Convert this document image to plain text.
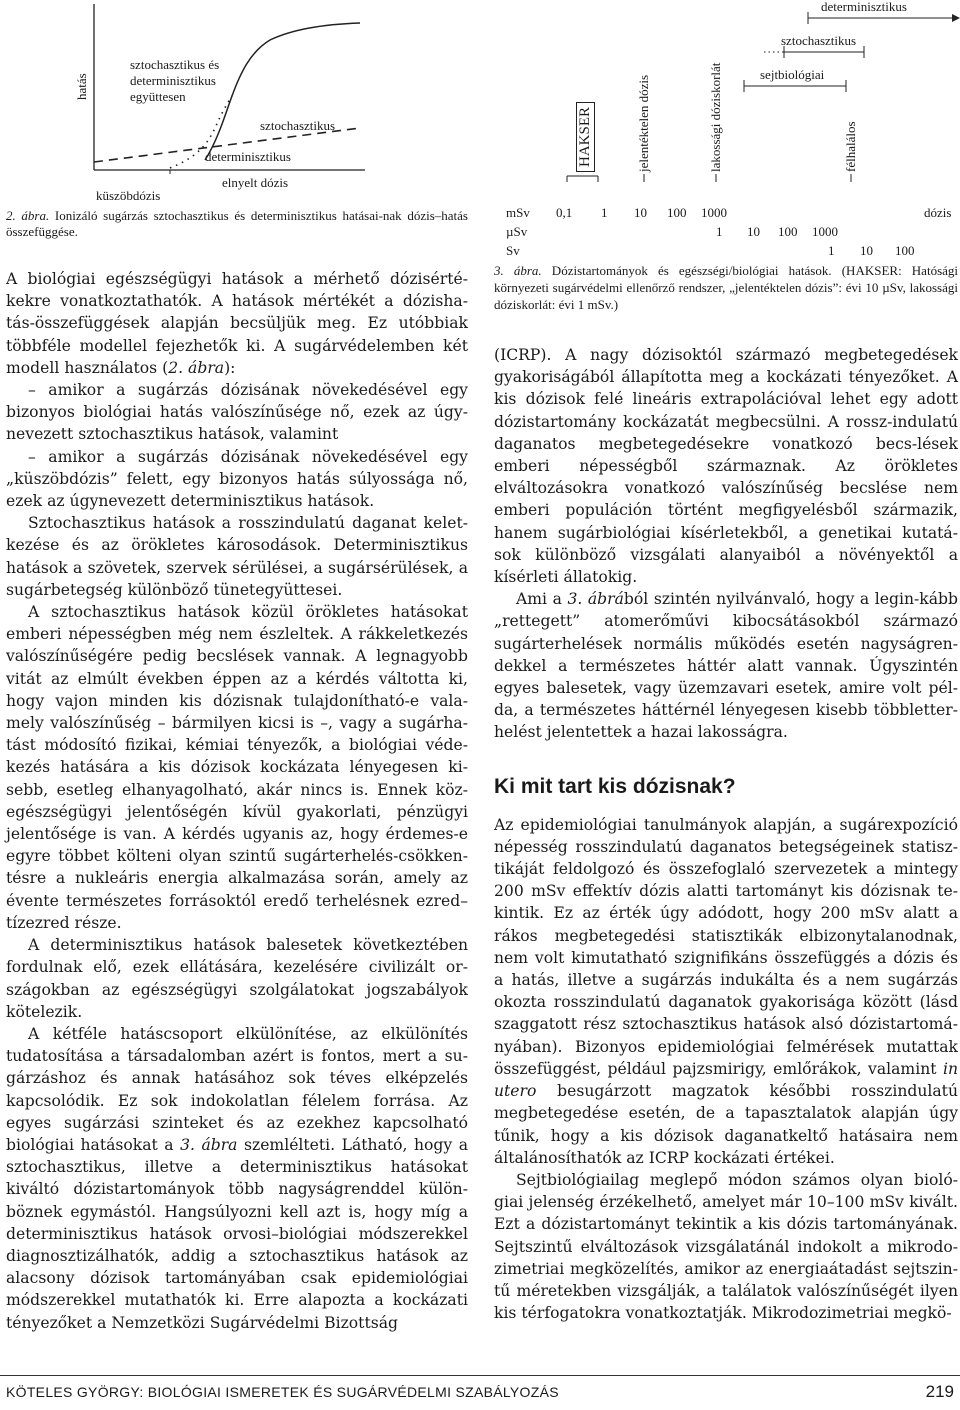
hatás
sztochasztikus és
determinisztikus
együttesen
sztochasztikus
determinisztikus
elnyelt dózis
küszöbdózis
2. ábra. Ionizáló sugárzás sztochasztikus és determinisztikus hatásai-nak dózis–hatás összefüggése.
determinisztikus
sztochasztikus
sejtbiológiai
HAKSER	jelentéktelen dózis	lakossági dóziskorlát	félhalálos
mSv 0,1 1 10 100 1000	dózis
µSv	1 10 100 1000
Sv	1 10 100
3. ábra. Dózistartományok és egészségi/biológiai hatások. (HAKSER: Hatósági környezeti sugárvédelmi ellenőrző rendszer, „jelentéktelen dózis”: évi 10 µSv, lakossági dóziskorlát: évi 1 mSv.)

A biológiai egészségügyi hatások a mérhető dózisérté-kekre vonatkoztathatók. A hatások mértékét a dózisha-tás-összefüggések alapján becsüljük meg. Ez utóbbiak többféle modellel fejezhetők ki. A sugárvédelemben két modell használatos (2. ábra):

– amikor a sugárzás dózisának növekedésével egy bizonyos biológiai hatás valószínűsége nő, ezek az úgy-nevezett sztochasztikus hatások, valamint

– amikor a sugárzás dózisának növekedésével egy „küszöbdózis” felett, egy bizonyos hatás súlyossága nő, ezek az úgynevezett determinisztikus hatások.

Sztochasztikus hatások a rosszindulatú daganat kelet-kezése és az örökletes károsodások. Determinisztikus hatások a szövetek, szervek sérülései, a sugársérülések, a sugárbetegség különböző tünetegyüttesei.

A sztochasztikus hatások közül örökletes hatásokat emberi népességben még nem észleltek. A rákkeletkezés valószínűségére pedig becslések vannak. A legnagyobb vitát az elmúlt években éppen az a kérdés váltotta ki, hogy vajon minden kis dózisnak tulajdonítható-e vala-mely valószínűség – bármilyen kicsi is –, vagy a sugárha-tást módosító fizikai, kémiai tényezők, a biológiai véde-kezés hatására a kis dózisok kockázata lényegesen ki-sebb, esetleg elhanyagolható, akár nincs is. Ennek köz-egészségügyi jelentőségén kívül gyakorlati, pénzügyi jelentősége is van. A kérdés ugyanis az, hogy érdemes-e egyre többet költeni olyan szintű sugárterhelés-csökken-tésre a nukleáris energia alkalmazása során, amely az évente természetes forrásoktól eredő terhelésnek ezred–tízezred része.

A determinisztikus hatások balesetek következtében fordulnak elő, ezek ellátására, kezelésére civilizált or-szágokban az egészségügyi szolgálatokat jogszabályok kötelezik.

A kétféle hatáscsoport elkülönítése, az elkülönítés tudatosítása a társadalomban azért is fontos, mert a su-gárzáshoz és annak hatásához sok téves elképzelés kapcsolódik. Ez sok indokolatlan félelem forrása. Az egyes sugárzási szinteket és az ezekhez kapcsolható biológiai hatásokat a 3. ábra szemlélteti. Látható, hogy a sztochasztikus, illetve a determinisztikus hatásokat kiváltó dózistartományok több nagyságrenddel külön-böznek egymástól. Hangsúlyozni kell azt is, hogy míg a determinisztikus hatások orvosi–biológiai módszerekkel diagnosztizálhatók, addig a sztochasztikus hatások az alacsony dózisok tartományában csak epidemiológiai módszerekkel mutathatók ki. Erre alapozta a kockázati tényezőket a Nemzetközi Sugárvédelmi Bizottság

(ICRP). A nagy dózisoktól származó megbetegedések gyakoriságából állapította meg a kockázati tényezőket. A kis dózisok felé lineáris extrapolációval lehet egy adott dózistartomány kockázatát megbecsülni. A rossz-indulatú daganatos megbetegedésekre vonatkozó becs-lések emberi népességből származnak. Az örökletes elváltozásokra vonatkozó valószínűség becslése nem emberi populáción történt megfigyelésből származik, hanem sugárbiológiai kísérletekből, a genetikai kutatá-sok különböző vizsgálati alanyaiból a növényektől a kísérleti állatokig.

Ami a 3. ábrából szintén nyilvánvaló, hogy a legin-kább „rettegett” atomerőművi kibocsátásokból származó sugárterhelések normális működés esetén nagyságren-dekkel a természetes háttér alatt vannak. Úgyszintén egyes balesetek, vagy üzemzavari esetek, amire volt pél-da, a természetes háttérnél lényegesen kisebb többletter-helést jelentettek a hazai lakosságra.

Ki mit tart kis dózisnak?

Az epidemiológiai tanulmányok alapján, a sugárexpozíció népesség rosszindulatú daganatos betegségeinek statisz-tikáját feldolgozó és összefoglaló szervezetek a mintegy 200 mSv effektív dózis alatti tartományt kis dózisnak te-kintik. Ez az érték úgy adódott, hogy 200 mSv alatt a rákos megbetegedési statisztikák elbizonytalanodnak, nem volt kimutatható szignifikáns összefüggés a dózis és a hatás, illetve a sugárzás indukálta és a nem sugárzás okozta rosszindulatú daganatok gyakorisága között (lásd szaggatott rész sztochasztikus hatások alsó dózistartomá-nyában). Bizonyos epidemiológiai felmérések mutattak összefüggést, például pajzsmirigy, emlőrákok, valamint in utero besugárzott magzatok későbbi rosszindulatú megbetegedése esetén, de a tapasztalatok alapján úgy tűnik, hogy a kis dózisok daganatkeltő hatásaira nem általánosíthatók az ICRP kockázati értékei.

Sejtbiológiailag meglepő módon számos olyan bioló-giai jelenség érzékelhető, amelyet már 10–100 mSv kivált. Ezt a dózistartományt tekintik a kis dózis tartományának. Sejtszintű elváltozások vizsgálatánál indokolt a mikrodo-zimetriai megközelítés, amikor az energiaátadást sejtszin-tű méretekben vizsgálják, a találatok valószínűségét ilyen kis térfogatokra vonatkoztatják. Mikrodozimetriai megkö-

KÖTELES GYÖRGY: BIOLÓGIAI ISMERETEK ÉS SUGÁRVÉDELMI SZABÁLYOZÁS	219
